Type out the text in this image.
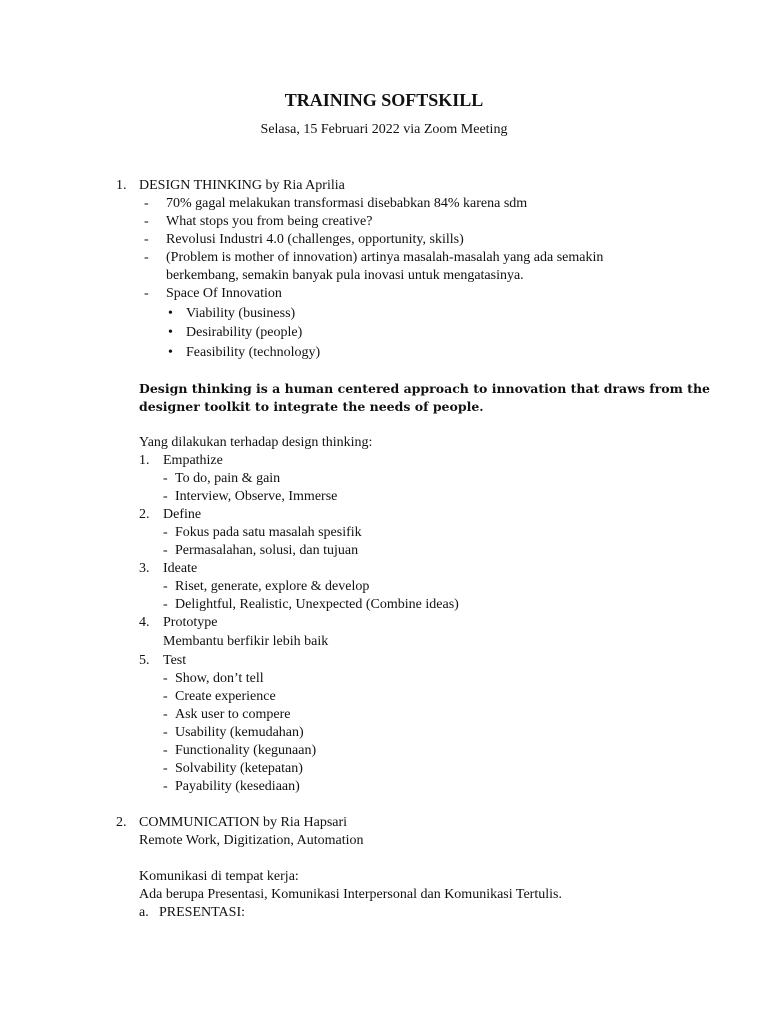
TRAINING SOFTSKILL
Selasa, 15 Februari 2022 via Zoom Meeting
1. DESIGN THINKING by Ria Aprilia
- 70% gagal melakukan transformasi disebabkan 84% karena sdm
- What stops you from being creative?
- Revolusi Industri 4.0 (challenges, opportunity, skills)
- (Problem is mother of innovation) artinya masalah-masalah yang ada semakin
berkembang, semakin banyak pula inovasi untuk mengatasinya.
- Space Of Innovation
• Viability (business)
• Desirability (people)
• Feasibility (technology)
Design thinking is a human centered approach to innovation that draws from the
designer toolkit to integrate the needs of people.
Yang dilakukan terhadap design thinking:
1. Empathize
- To do, pain & gain
- Interview, Observe, Immerse
2. Define
- Fokus pada satu masalah spesifik
- Permasalahan, solusi, dan tujuan
3. Ideate
- Riset, generate, explore & develop
- Delightful, Realistic, Unexpected (Combine ideas)
4. Prototype
Membantu berfikir lebih baik
5. Test
- Show, don’t tell
- Create experience
- Ask user to compere
- Usability (kemudahan)
- Functionality (kegunaan)
- Solvability (ketepatan)
- Payability (kesediaan)
2. COMMUNICATION by Ria Hapsari
Remote Work, Digitization, Automation
Komunikasi di tempat kerja:
Ada berupa Presentasi, Komunikasi Interpersonal dan Komunikasi Tertulis.
a. PRESENTASI:
